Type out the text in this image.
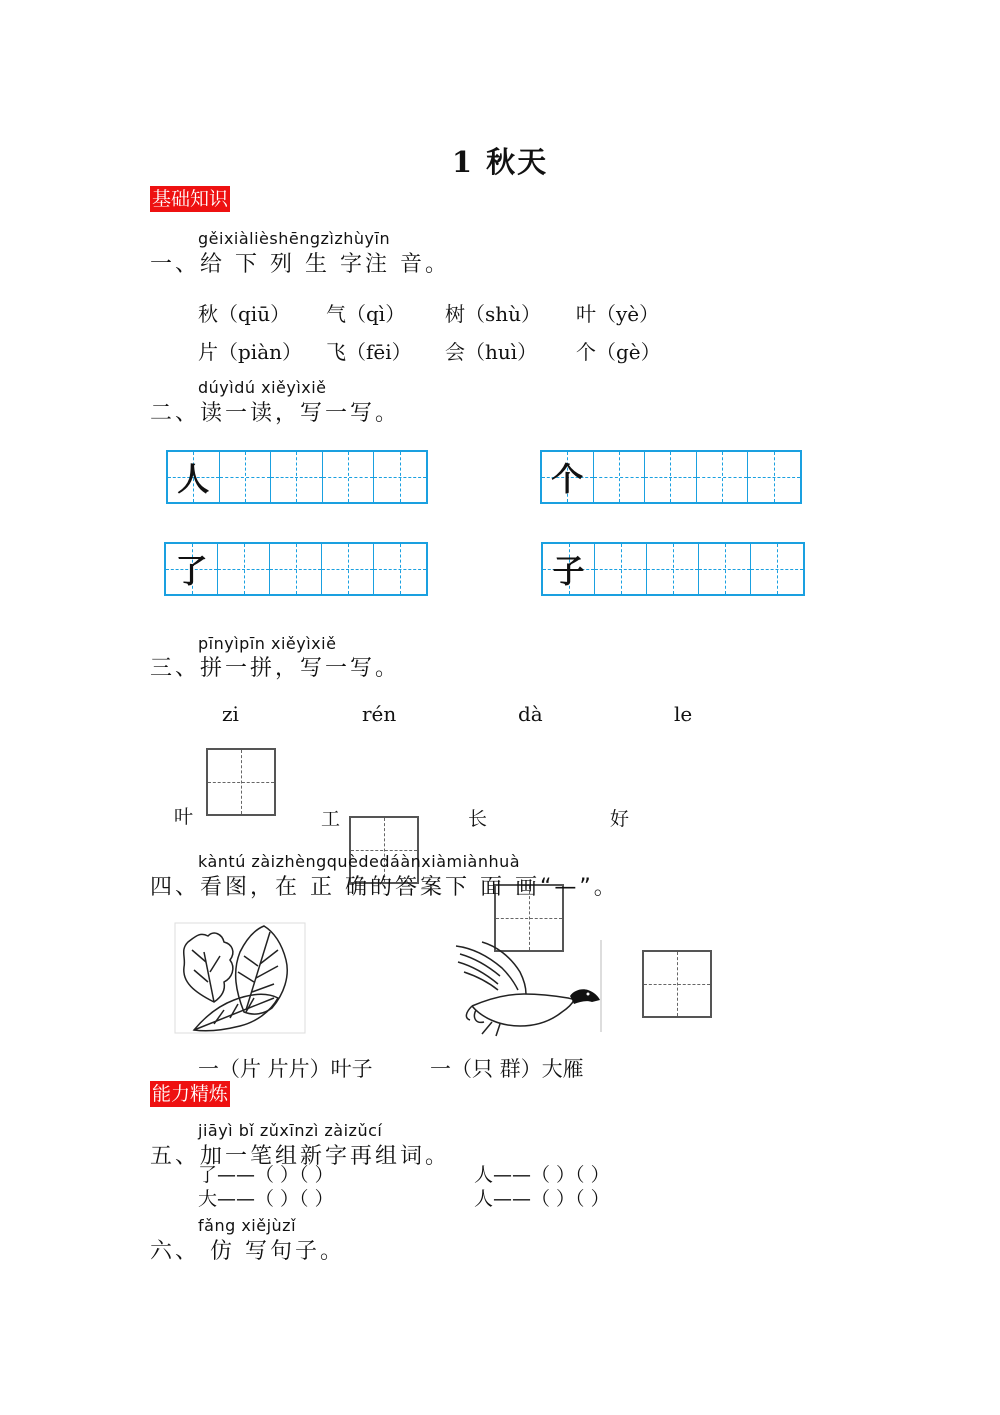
1 秋天
基础知识
gěixiàlièshēngzìzhùyīn
一、给 下 列 生 字注 音。
秋（qiū） 气（qì） 树（shù） 叶（yè）
片（piàn） 飞（fēi） 会（huì） 个（gè）
dúyìdú xiěyìxiě
二、读一读，写一写。
人	个
了	子
pīnyìpīn xiěyìxiě
三、拼一拼，写一写。
zi	rén	dà	le
叶	工	长	好
kàntú zàizhèngquèdedáànxiàmiànhuà
四、看图，在 正 确的答案下 面 画“—”。
一（片 片片）叶子	一（只 群）大雁
能力精炼
jiāyì bǐ zǔxīnzì zàizǔcí
五、加一笔组新字再组词。
了——（ ）（ ）	人——（ ）（ ）
大——（ ）（ ）	人——（ ）（ ）
fǎng xiějùzǐ
六、 仿 写句子。
